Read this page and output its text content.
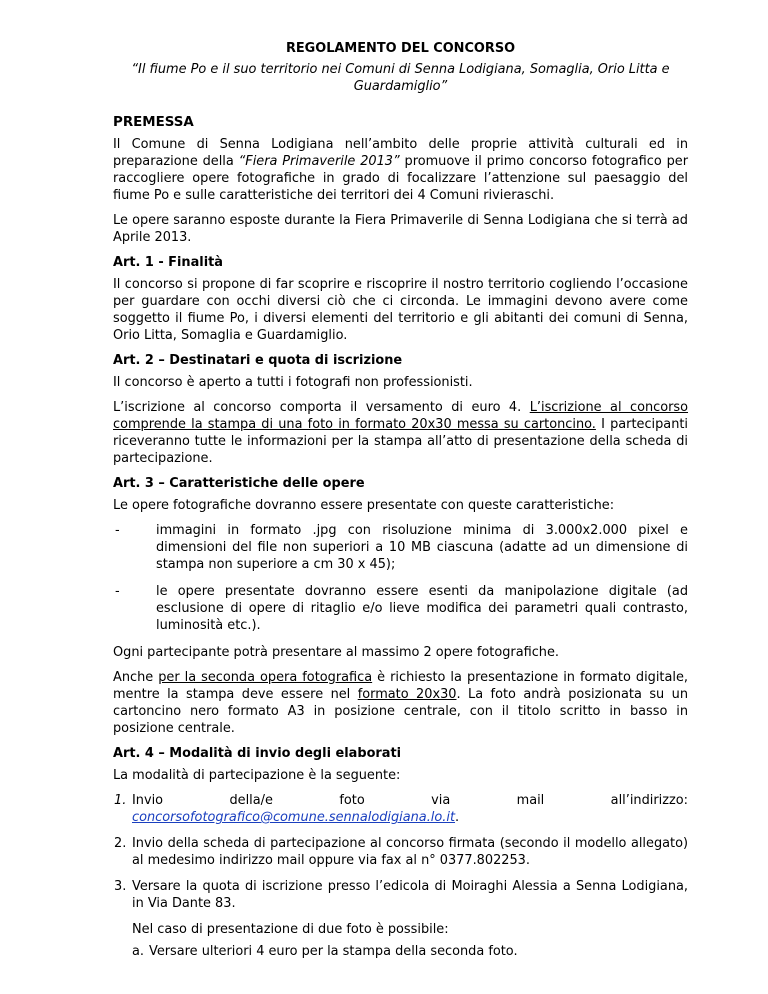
REGOLAMENTO DEL CONCORSO
“Il fiume Po e il suo territorio nei Comuni di Senna Lodigiana, Somaglia, Orio Litta e Guardamiglio”
PREMESSA

Il Comune di Senna Lodigiana nell’ambito delle proprie attività culturali ed in preparazione della “Fiera Primaverile 2013” promuove il primo concorso fotografico per raccogliere opere fotografiche in grado di focalizzare l’attenzione sul paesaggio del fiume Po e sulle caratteristiche dei territori dei 4 Comuni rivieraschi.

Le opere saranno esposte durante la Fiera Primaverile di Senna Lodigiana che si terrà ad Aprile 2013.

Art. 1 - Finalità

Il concorso si propone di far scoprire e riscoprire il nostro territorio cogliendo l’occasione per guardare con occhi diversi ciò che ci circonda. Le immagini devono avere come soggetto il fiume Po, i diversi elementi del territorio e gli abitanti dei comuni di Senna, Orio Litta, Somaglia e Guardamiglio.

Art. 2 – Destinatari e quota di iscrizione

Il concorso è aperto a tutti i fotografi non professionisti.

L’iscrizione al concorso comporta il versamento di euro 4. L’iscrizione al concorso comprende la stampa di una foto in formato 20x30 messa su cartoncino. I partecipanti riceveranno tutte le informazioni per la stampa all’atto di presentazione della scheda di partecipazione.

Art. 3 – Caratteristiche delle opere

Le opere fotografiche dovranno essere presentate con queste caratteristiche:

-	immagini in formato .jpg con risoluzione minima di 3.000x2.000 pixel e dimensioni del file non superiori a 10 MB ciascuna (adatte ad un dimensione di stampa non superiore a cm 30 x 45);
-	le opere presentate dovranno essere esenti da manipolazione digitale (ad esclusione di opere di ritaglio e/o lieve modifica dei parametri quali contrasto, luminosità etc.).

Ogni partecipante potrà presentare al massimo 2 opere fotografiche.

Anche per la seconda opera fotografica è richiesto la presentazione in formato digitale, mentre la stampa deve essere nel formato 20x30. La foto andrà posizionata su un cartoncino nero formato A3 in posizione centrale, con il titolo scritto in basso in posizione centrale.

Art. 4 – Modalità di invio degli elaborati

La modalità di partecipazione è la seguente:

1. Invio	della/e	foto	via	mail	all’indirizzo:
concorsofotografico@comune.sennalodigiana.lo.it.
2. Invio della scheda di partecipazione al concorso firmata (secondo il modello allegato) al medesimo indirizzo mail oppure via fax al n° 0377.802253.
3. Versare la quota di iscrizione presso l’edicola di Moiraghi Alessia a Senna Lodigiana, in Via Dante 83.
Nel caso di presentazione di due foto è possibile:
a. Versare ulteriori 4 euro per la stampa della seconda foto.
